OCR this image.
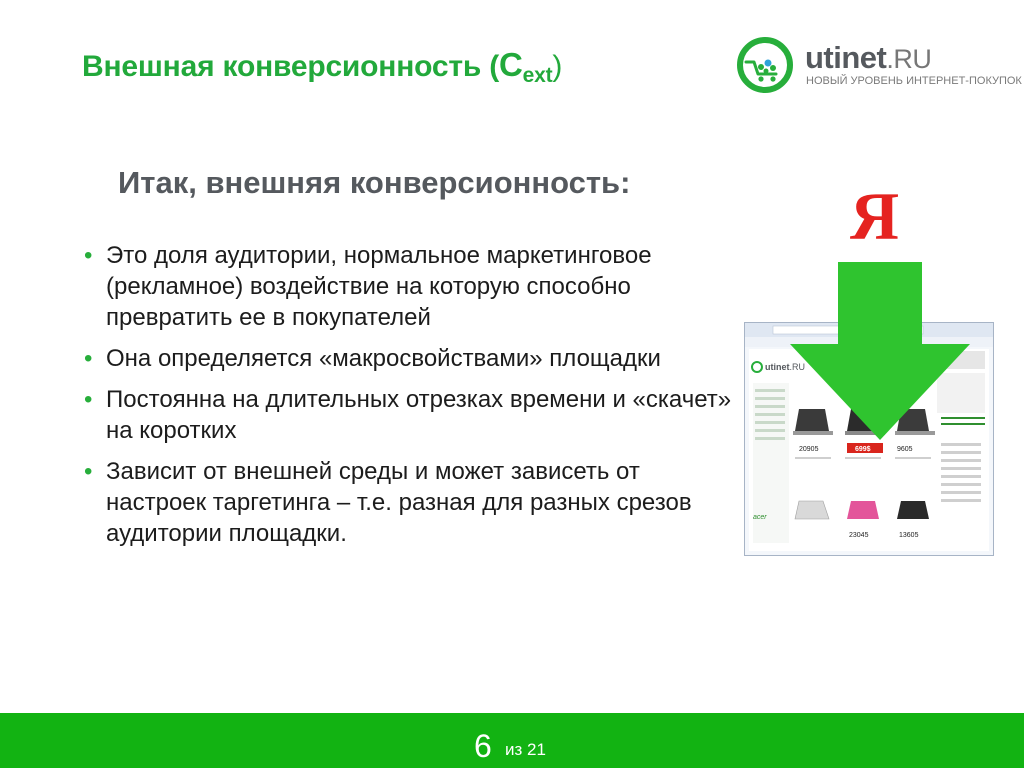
Внешная конверсионность $(C_{ext})$	utinet.RU
НОВЫЙ УРОВЕНЬ ИНТЕРНЕТ-ПОКУПОК
Итак, внешняя конверсионность:
• Это доля аудитории, нормальное маркетинговое (рекламное) воздействие на которую способно превратить ее в покупателей
• Она определяется «макросвойствами» площадки
• Постоянна на длительных отрезках времени и «скачет» на коротких
• Зависит от внешней среды и может зависеть от настроек таргетинга – т.е. разная для разных срезов аудитории площадки.
Я
utinet.RU
20905	699$	9605
acer
23045	13605
6 из 21
